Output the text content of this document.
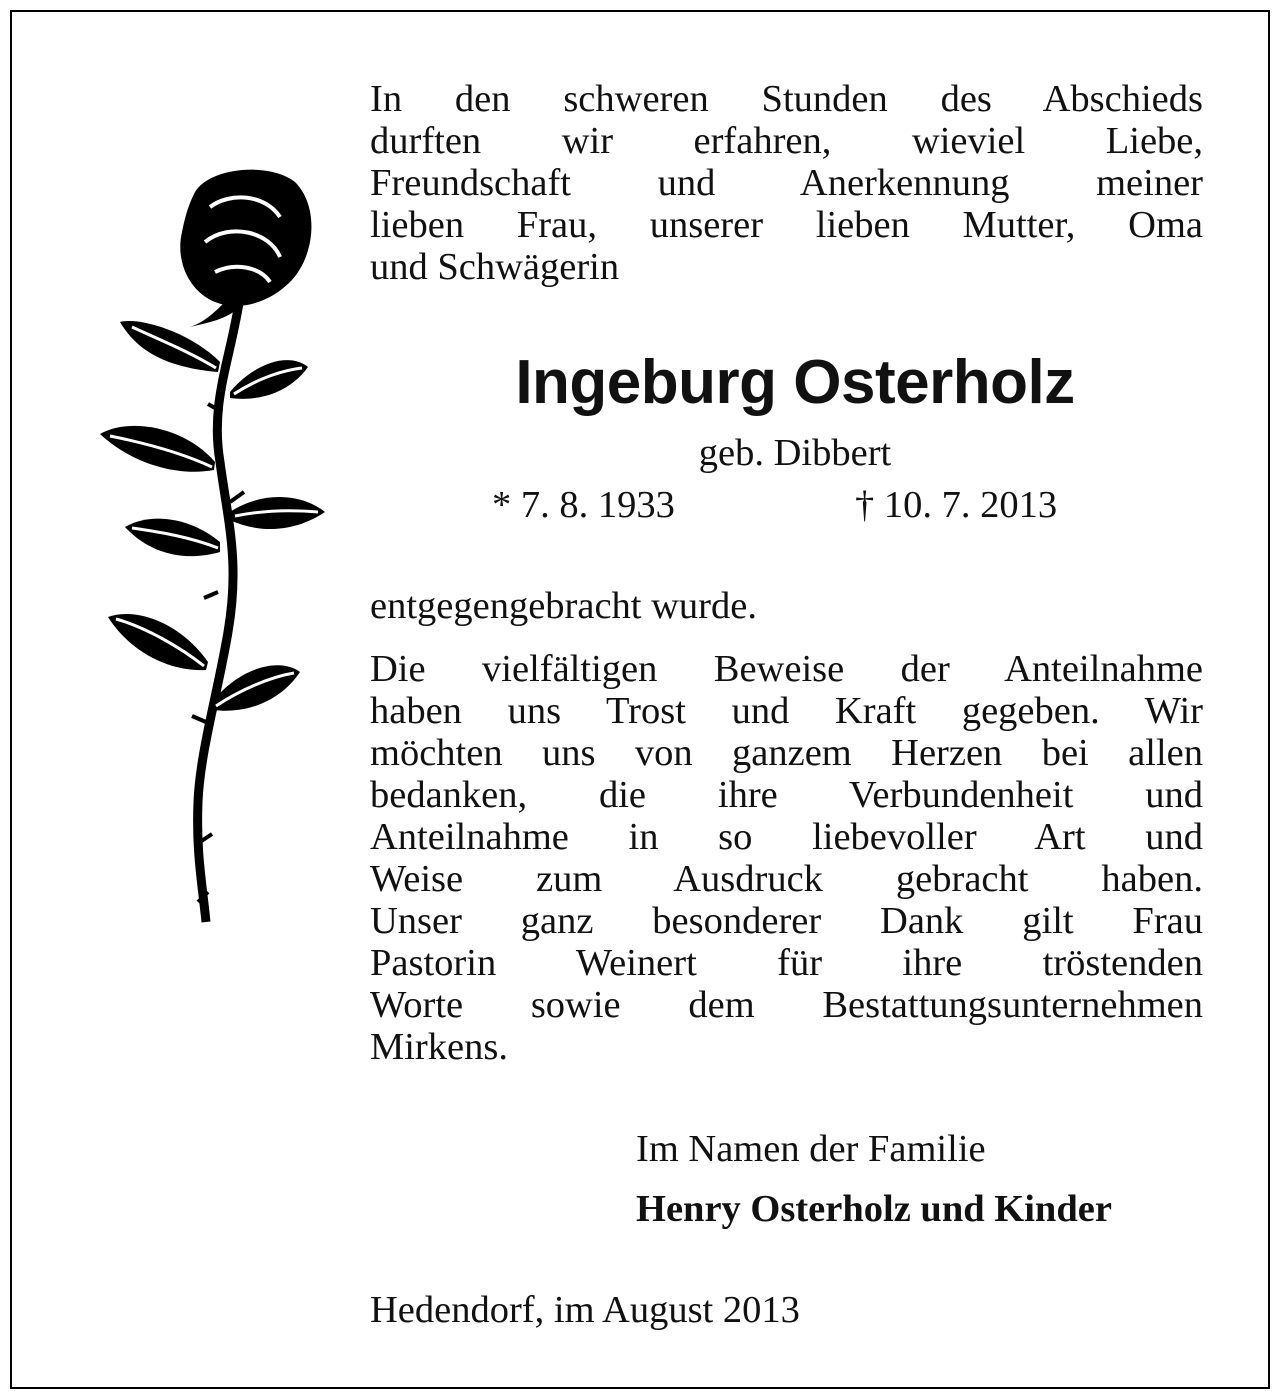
In den schweren Stunden des Abschieds
durften wir erfahren, wieviel Liebe,
Freundschaft und Anerkennung meiner
lieben Frau, unserer lieben Mutter, Oma
und Schwägerin
Ingeburg Osterholz
geb. Dibbert
* 7. 8. 1933	† 10. 7. 2013
entgegengebracht wurde.
Die vielfältigen Beweise der Anteilnahme
haben uns Trost und Kraft gegeben. Wir
möchten uns von ganzem Herzen bei allen
bedanken, die ihre Verbundenheit und
Anteilnahme in so liebevoller Art und
Weise zum Ausdruck gebracht haben.
Unser ganz besonderer Dank gilt Frau
Pastorin Weinert für ihre tröstenden
Worte sowie dem Bestattungsunternehmen
Mirkens.
Im Namen der Familie
Henry Osterholz und Kinder
Hedendorf, im August 2013
